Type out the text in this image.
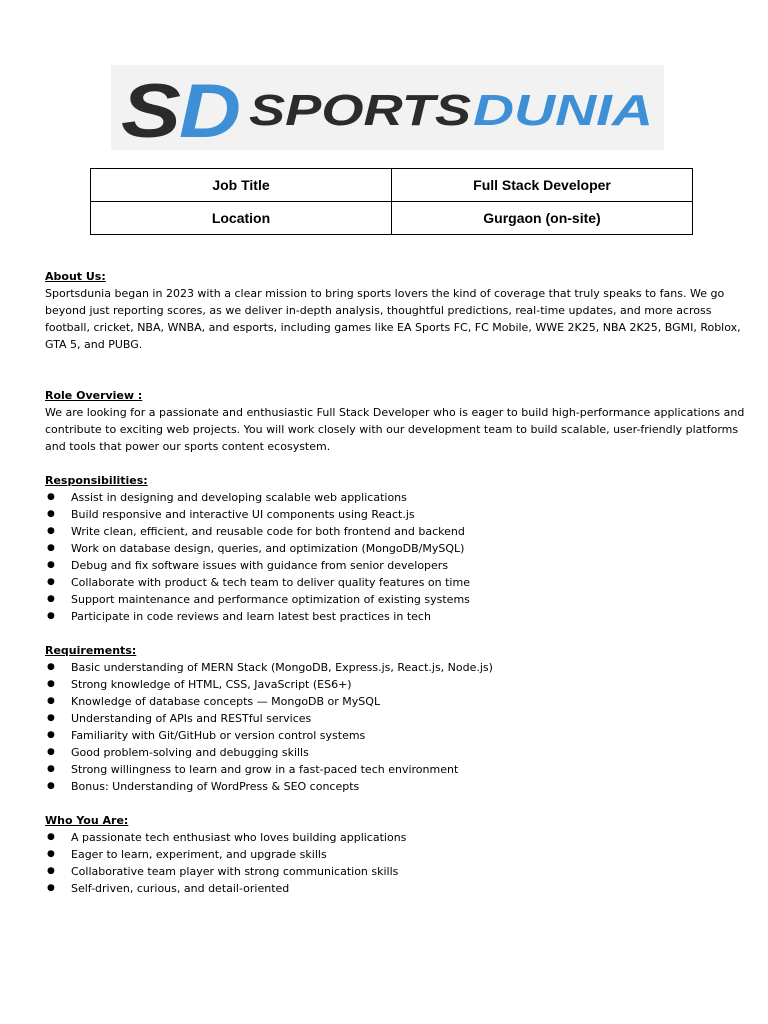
S
D SPORTS DUNIA
Job Title	Full Stack Developer
Location	Gurgaon (on-site)
About Us:

Sportsdunia began in 2023 with a clear mission to bring sports lovers the kind of coverage that truly speaks to fans. We go beyond just reporting scores, as we deliver in-depth analysis, thoughtful predictions, real-time updates, and more across football, cricket, NBA, WNBA, and esports, including games like EA Sports FC, FC Mobile, WWE 2K25, NBA 2K25, BGMI, Roblox, GTA 5, and PUBG.

Role Overview :

We are looking for a passionate and enthusiastic Full Stack Developer who is eager to build high-performance applications and contribute to exciting web projects. You will work closely with our development team to build scalable, user-friendly platforms and tools that power our sports content ecosystem.

Responsibilities:
● Assist in designing and developing scalable web applications
● Build responsive and interactive UI components using React.js
● Write clean, efficient, and reusable code for both frontend and backend
● Work on database design, queries, and optimization (MongoDB/MySQL)
● Debug and fix software issues with guidance from senior developers
● Collaborate with product & tech team to deliver quality features on time
● Support maintenance and performance optimization of existing systems
● Participate in code reviews and learn latest best practices in tech
Requirements:
● Basic understanding of MERN Stack (MongoDB, Express.js, React.js, Node.js)
● Strong knowledge of HTML, CSS, JavaScript (ES6+)
● Knowledge of database concepts — MongoDB or MySQL
● Understanding of APIs and RESTful services
● Familiarity with Git/GitHub or version control systems
● Good problem-solving and debugging skills
● Strong willingness to learn and grow in a fast-paced tech environment
● Bonus: Understanding of WordPress & SEO concepts
Who You Are:
● A passionate tech enthusiast who loves building applications
● Eager to learn, experiment, and upgrade skills
● Collaborative team player with strong communication skills
● Self-driven, curious, and detail-oriented
